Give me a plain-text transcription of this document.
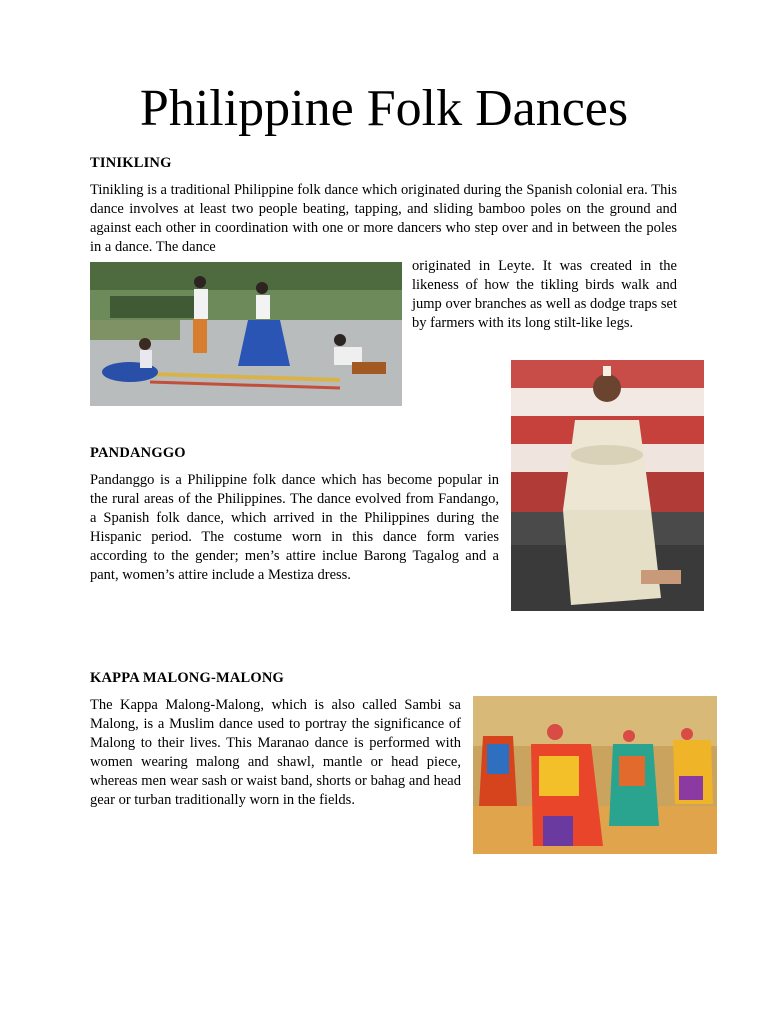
Philippine Folk Dances
TINIKLING

Tinikling is a traditional Philippine folk dance which originated during the Spanish colonial era. This dance involves at least two people beating, tapping, and sliding bamboo poles on the ground and against each other in coordination with one or more dancers who step over and in between the poles in a dance. The dance

originated in Leyte. It was created in the likeness of how the tikling birds walk and jump over branches as well as dodge traps set by farmers with its long stilt-like legs.

PANDANGGO

Pandanggo is a Philippine folk dance which has become popular in the rural areas of the Philippines. The dance evolved from Fandango, a Spanish folk dance, which arrived in the Philippines during the Hispanic period. The costume worn in this dance form varies according to the gender; men’s attire inclue Barong Tagalog and a pant, women’s attire include a Mestiza dress.

KAPPA MALONG-MALONG

The Kappa Malong-Malong, which is also called Sambi sa Malong, is a Muslim dance used to portray the significance of Malong to their lives. This Maranao dance is performed with women wearing malong and shawl, mantle or head piece, whereas men wear sash or waist band, shorts or bahag and head gear or turban traditionally worn in the fields.
